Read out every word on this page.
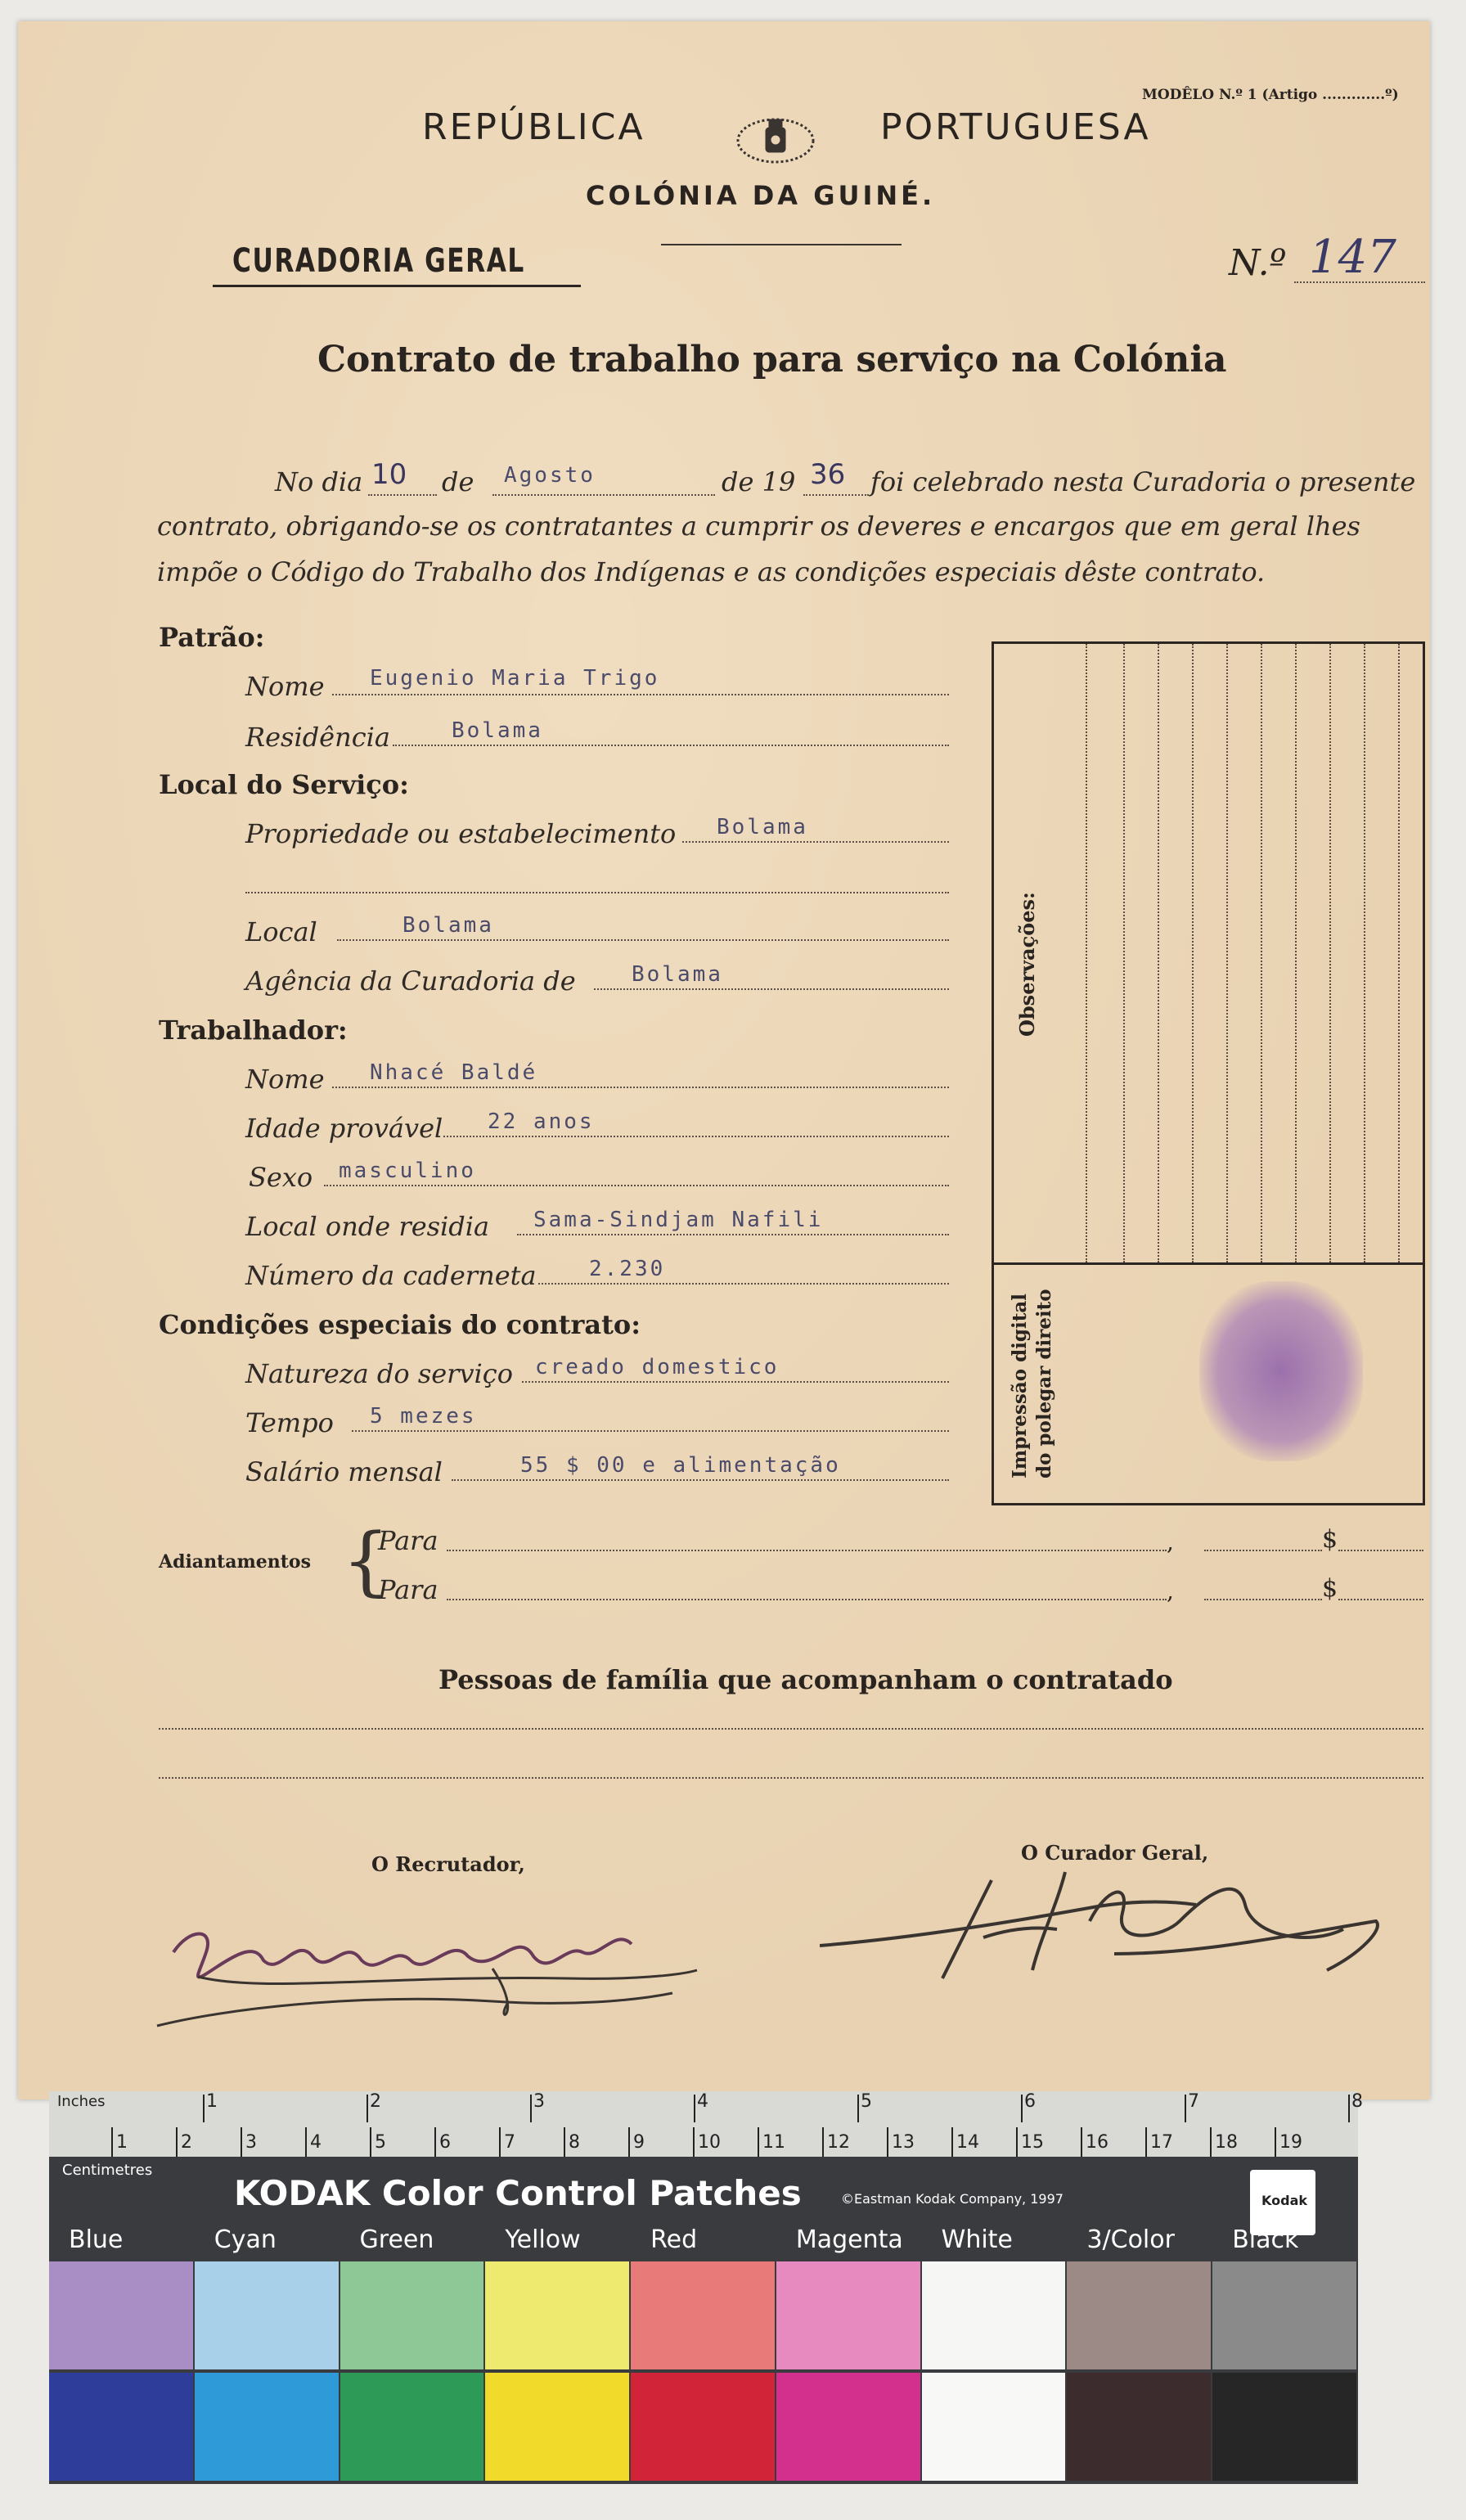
REPÚBLICA	PORTUGUESA
MODÊLO N.º 1 (Artigo .............º)
COLÓNIA DA GUINÉ.
CURADORIA GERAL	N.º 147
Contrato de trabalho para serviço na Colónia
No dia 10 de Agosto	de 19 36 foi celebrado nesta Curadoria o presente
contrato, obrigando-se os contratantes a cumprir os deveres e encargos que em geral lhes
impõe o Código do Trabalho dos Indígenas e as condições especiais dêste contrato.
Patrão:
Nome Eugenio Maria Trigo
Residência	Bolama
Local do Serviço:
Propriedade ou estabelecimento Bolama
Local	Bolama
Agência da Curadoria de	Bolama
Trabalhador:
Nome Nhacé Baldé
Idade provável 22 anos
Sexo masculino
Local onde residia Sama-Sindjam Nafili
Número da caderneta 2.230
Condições especiais do contrato:
Natureza do serviço creado domestico
Tempo 5 mezes
Salário mensal	55 $ 00 e alimentação
Observações:
Impressão digital do polegar direito
Adiantamentos {
Para	,	$
Para	,	$
Pessoas de família que acompanham o contratado
O Recrutador,	O Curador Geral,
Inches
Centimetres
1	2	3	4	5	6	7	8
1	2	3	4	5	6	7	8	9	10 11 12 13 14 15 16 17 18 19
KODAK Color Control Patches	©Eastman Kodak Company, 1997	Kodak
Blue	Cyan	Green	Yellow	Red	Magenta White	3/Color Black
